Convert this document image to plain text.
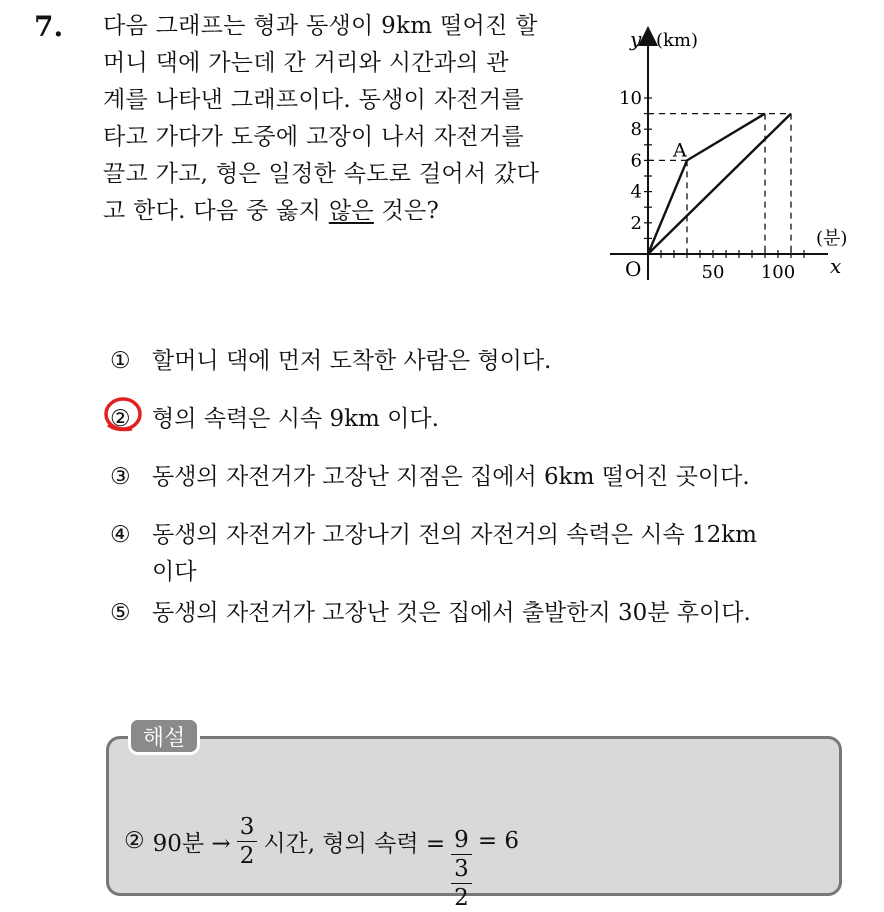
7. 다음 그래프는 형과 동생이 9km 떨어진 할
머니 댁에 가는데 간 거리와 시간과의 관
계를 나타낸 그래프이다. 동생이 자전거를
타고 가다가 도중에 고장이 나서 자전거를
끌고 가고, 형은 일정한 속도로 걸어서 갔다
고 한다. 다음 중 옳지 않은 것은?
50 100
2
4
6
8
10
y (km)
x
(분)
O
A
① 할머니 댁에 먼저 도착한 사람은 형이다.
② 형의 속력은 시속 9km 이다.
③ 동생의 자전거가 고장난 지점은 집에서 6km 떨어진 곳이다.
④ 동생의 자전거가 고장나기 전의 자전거의 속력은 시속 12km
이다
⑤ 동생의 자전거가 고장난 것은 집에서 출발한지 30분 후이다.
해설
② 90분 → $\frac{3}{2}$ 시간, 형의 속력 = $\frac{9}{\frac{3}{2}} = 6$
